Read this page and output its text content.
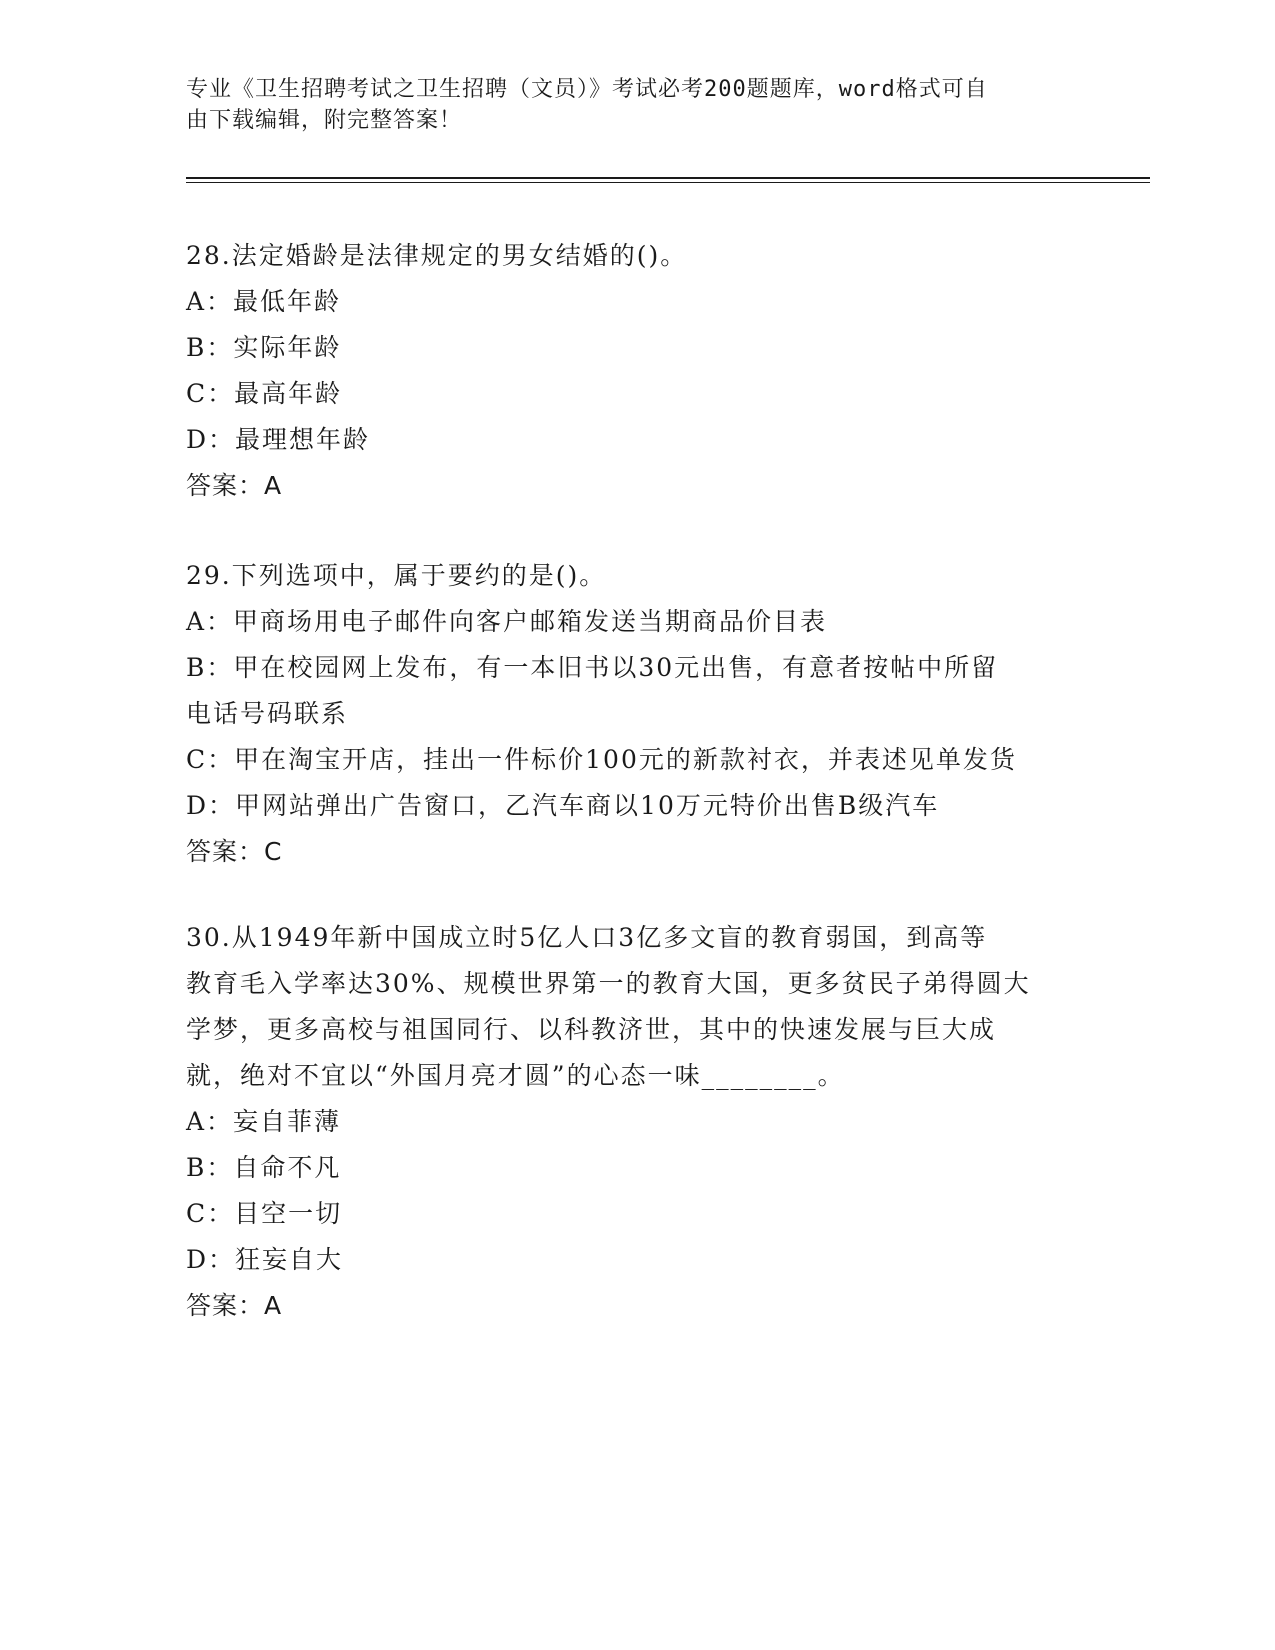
专业《卫生招聘考试之卫生招聘（文员）》考试必考200题题库，word格式可自
由下载编辑，附完整答案！
28.法定婚龄是法律规定的男女结婚的()。
A：最低年龄
B：实际年龄
C：最高年龄
D：最理想年龄
答案：A
29.下列选项中，属于要约的是()。
A：甲商场用电子邮件向客户邮箱发送当期商品价目表
B：甲在校园网上发布，有一本旧书以30元出售，有意者按帖中所留
电话号码联系
C：甲在淘宝开店，挂出一件标价100元的新款衬衣，并表述见单发货
D：甲网站弹出广告窗口，乙汽车商以10万元特价出售B级汽车
答案：C
30.从1949年新中国成立时5亿人口3亿多文盲的教育弱国，到高等
教育毛入学率达30%、规模世界第一的教育大国，更多贫民子弟得圆大
学梦，更多高校与祖国同行、以科教济世，其中的快速发展与巨大成
就，绝对不宜以“外国月亮才圆”的心态一味________。
A：妄自菲薄
B：自命不凡
C：目空一切
D：狂妄自大
答案：A
